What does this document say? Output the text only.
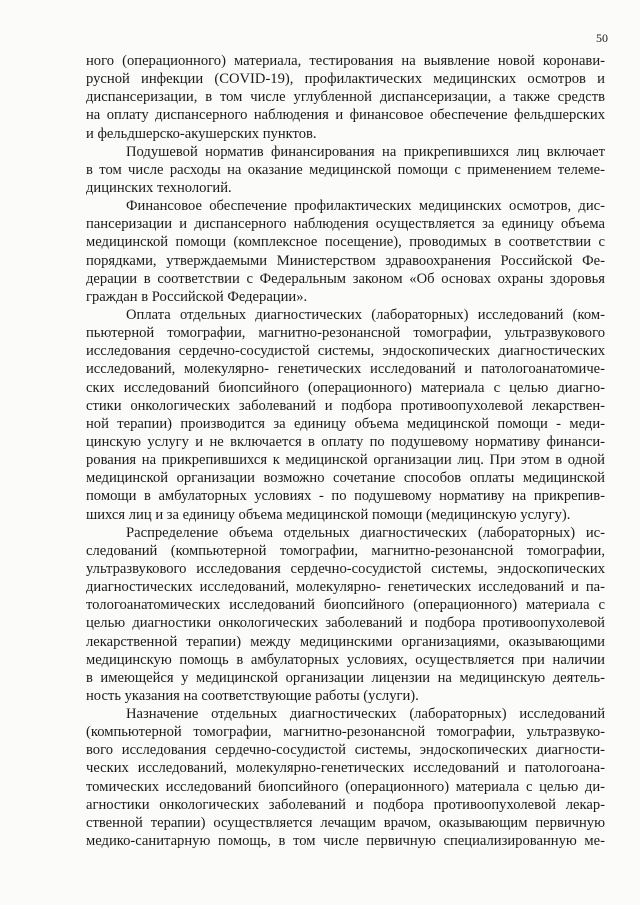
50
ного (операционного) материала, тестирования на выявление новой коронави-
русной инфекции (COVID-19), профилактических медицинских осмотров и
диспансеризации, в том числе углубленной диспансеризации, а также средств
на оплату диспансерного наблюдения и финансовое обеспечение фельдшерских
и фельдшерско-акушерских пунктов.
Подушевой норматив финансирования на прикрепившихся лиц включает
в том числе расходы на оказание медицинской помощи с применением телеме-
дицинских технологий.
Финансовое обеспечение профилактических медицинских осмотров, дис-
пансеризации и диспансерного наблюдения осуществляется за единицу объема
медицинской помощи (комплексное посещение), проводимых в соответствии с
порядками, утверждаемыми Министерством здравоохранения Российской Фе-
дерации в соответствии с Федеральным законом «Об основах охраны здоровья
граждан в Российской Федерации».
Оплата отдельных диагностических (лабораторных) исследований (ком-
пьютерной томографии, магнитно-резонансной томографии, ультразвукового
исследования сердечно-сосудистой системы, эндоскопических диагностических
исследований, молекулярно- генетических исследований и патологоанатомиче-
ских исследований биопсийного (операционного) материала с целью диагно-
стики онкологических заболеваний и подбора противоопухолевой лекарствен-
ной терапии) производится за единицу объема медицинской помощи - меди-
цинскую услугу и не включается в оплату по подушевому нормативу финанси-
рования на прикрепившихся к медицинской организации лиц. При этом в одной
медицинской организации возможно сочетание способов оплаты медицинской
помощи в амбулаторных условиях - по подушевому нормативу на прикрепив-
шихся лиц и за единицу объема медицинской помощи (медицинскую услугу).
Распределение объема отдельных диагностических (лабораторных) ис-
следований (компьютерной томографии, магнитно-резонансной томографии,
ультразвукового исследования сердечно-сосудистой системы, эндоскопических
диагностических исследований, молекулярно- генетических исследований и па-
тологоанатомических исследований биопсийного (операционного) материала с
целью диагностики онкологических заболеваний и подбора противоопухолевой
лекарственной терапии) между медицинскими организациями, оказывающими
медицинскую помощь в амбулаторных условиях, осуществляется при наличии
в имеющейся у медицинской организации лицензии на медицинскую деятель-
ность указания на соответствующие работы (услуги).
Назначение отдельных диагностических (лабораторных) исследований
(компьютерной томографии, магнитно-резонансной томографии, ультразвуко-
вого исследования сердечно-сосудистой системы, эндоскопических диагности-
ческих исследований, молекулярно-генетических исследований и патологоана-
томических исследований биопсийного (операционного) материала с целью ди-
агностики онкологических заболеваний и подбора противоопухолевой лекар-
ственной терапии) осуществляется лечащим врачом, оказывающим первичную
медико-санитарную помощь, в том числе первичную специализированную ме-
